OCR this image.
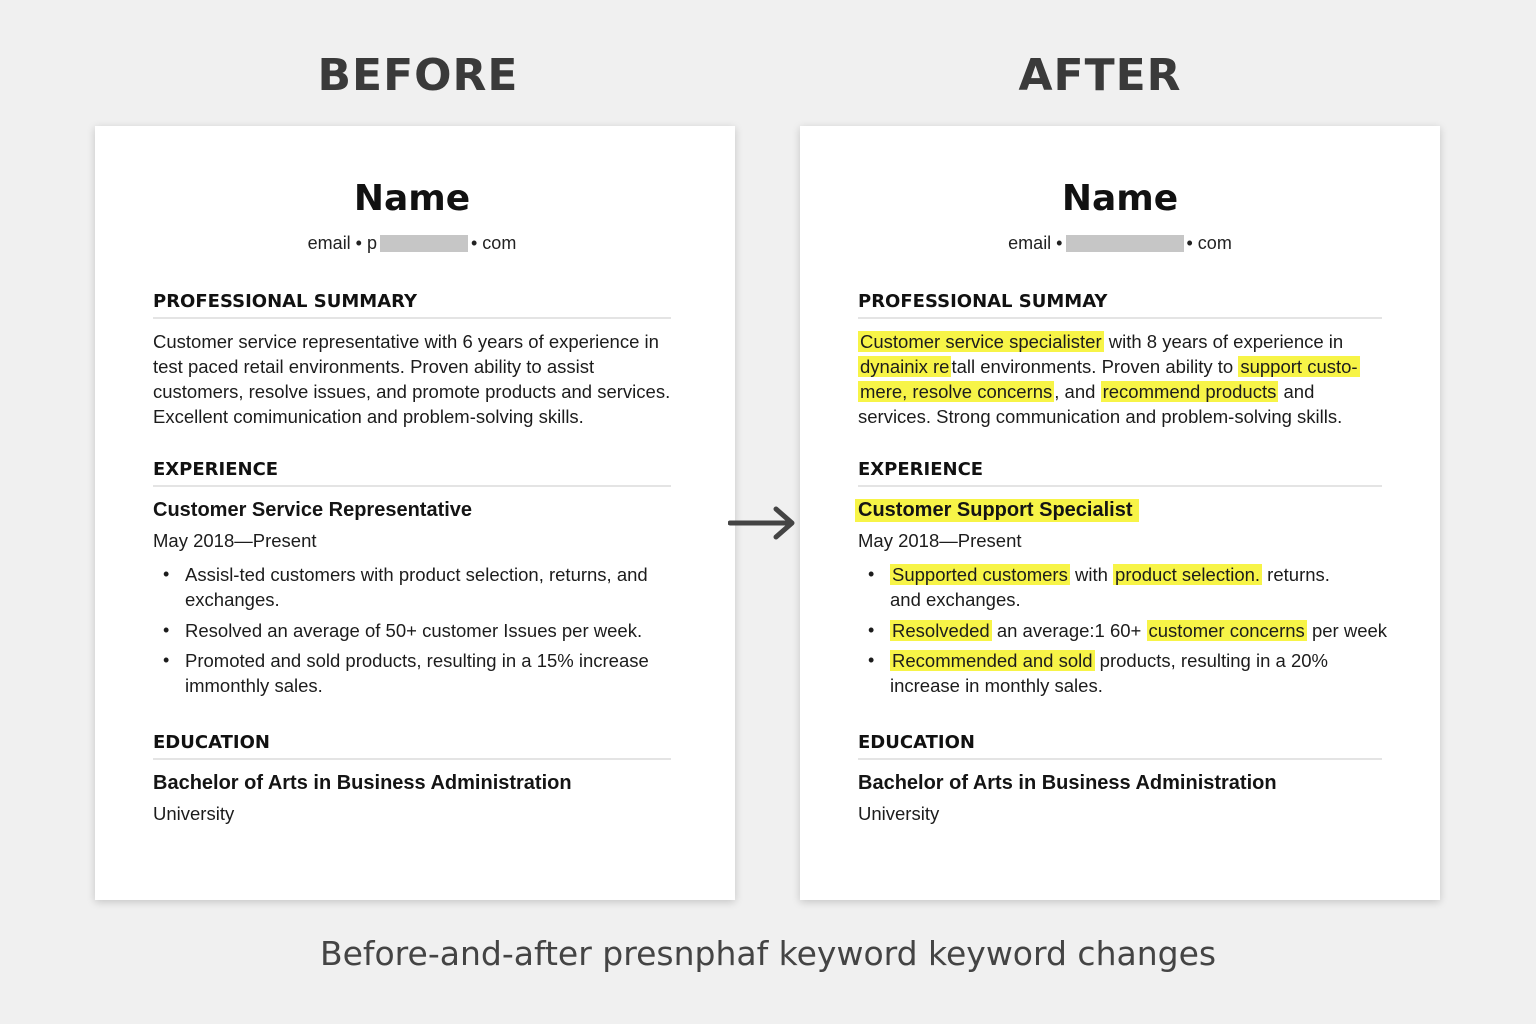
BEFORE	AFTER
Name
email • p	• com
PROFESSIONAL SUMMARY
Customer service representative with 6 years of experience in
test paced retail environments. Proven ability to assist
customers, resolve issues, and promote products and services.
Excellent comimunication and problem-solving skills.
EXPERIENCE
Customer Service Representative
May 2018—Present
• Assisl-ted customers with product selection, returns, and
exchanges.
• Resolved an average of 50+ customer Issues per week.
• Promoted and sold products, resulting in a 15% increase
immonthly sales.
EDUCATION
Bachelor of Arts in Business Administration
University
Name
email •	• com
PROFESSIONAL SUMMAY
Customer service specialister with 8 years of experience in
dynainix re tall environments. Proven ability to support custo-
mere, resolve concerns , and recommend products and
services. Strong communication and problem-solving skills.
EXPERIENCE
Customer Support Specialist
May 2018—Present
• Supported customers with product selection. returns.
and exchanges.
• Resolveded an average:1 60+ customer concerns per week
• Recommended and sold products, resulting in a 20%
increase in monthly sales.
EDUCATION
Bachelor of Arts in Business Administration
University
Before-and-after presnphaf keyword keyword changes
